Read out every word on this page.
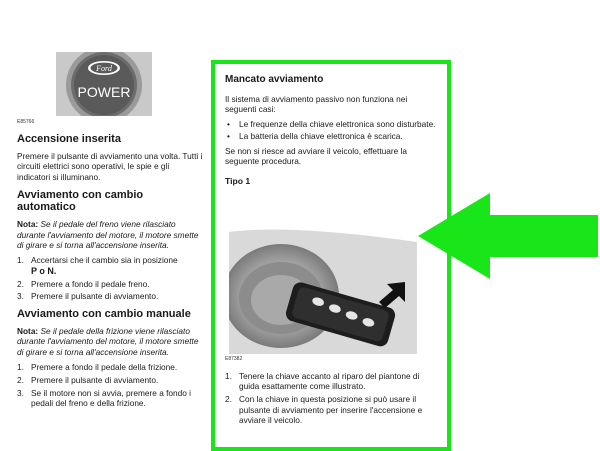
Ford
POWER
E85766

Accensione inserita

Premere il pulsante di avviamento una volta. Tutti i circuiti elettrici sono operativi, le spie e gli indicatori si illuminano.

Avviamento con cambio

automatico

Nota: Se il pedale del freno viene rilasciato durante l'avviamento del motore, il motore smette di girare e si torna all'accensione inserita.

1. Accertarsi che il cambio sia in posizione
P o N.
2. Premere a fondo il pedale freno.
3. Premere il pulsante di avviamento.

Avviamento con cambio manuale

Nota: Se il pedale della frizione viene rilasciato durante l'avviamento del motore, il motore smette di girare e si torna all'accensione inserita.

1. Premere a fondo il pedale della frizione.
2. Premere il pulsante di avviamento.
3. Se il motore non si avvia, premere a fondo i pedali del freno e della frizione.

Mancato avviamento

Il sistema di avviamento passivo non funziona nei seguenti casi:

• Le frequenze della chiave elettronica sono disturbate.
• La batteria della chiave elettronica è scarica.

Se non si riesce ad avviare il veicolo, effettuare la seguente procedura.

Tipo 1

E87382
1. Tenere la chiave accanto al riparo del piantone di guida esattamente come illustrato.
2. Con la chiave in questa posizione si può usare il pulsante di avviamento per inserire l'accensione e avviare il veicolo.
